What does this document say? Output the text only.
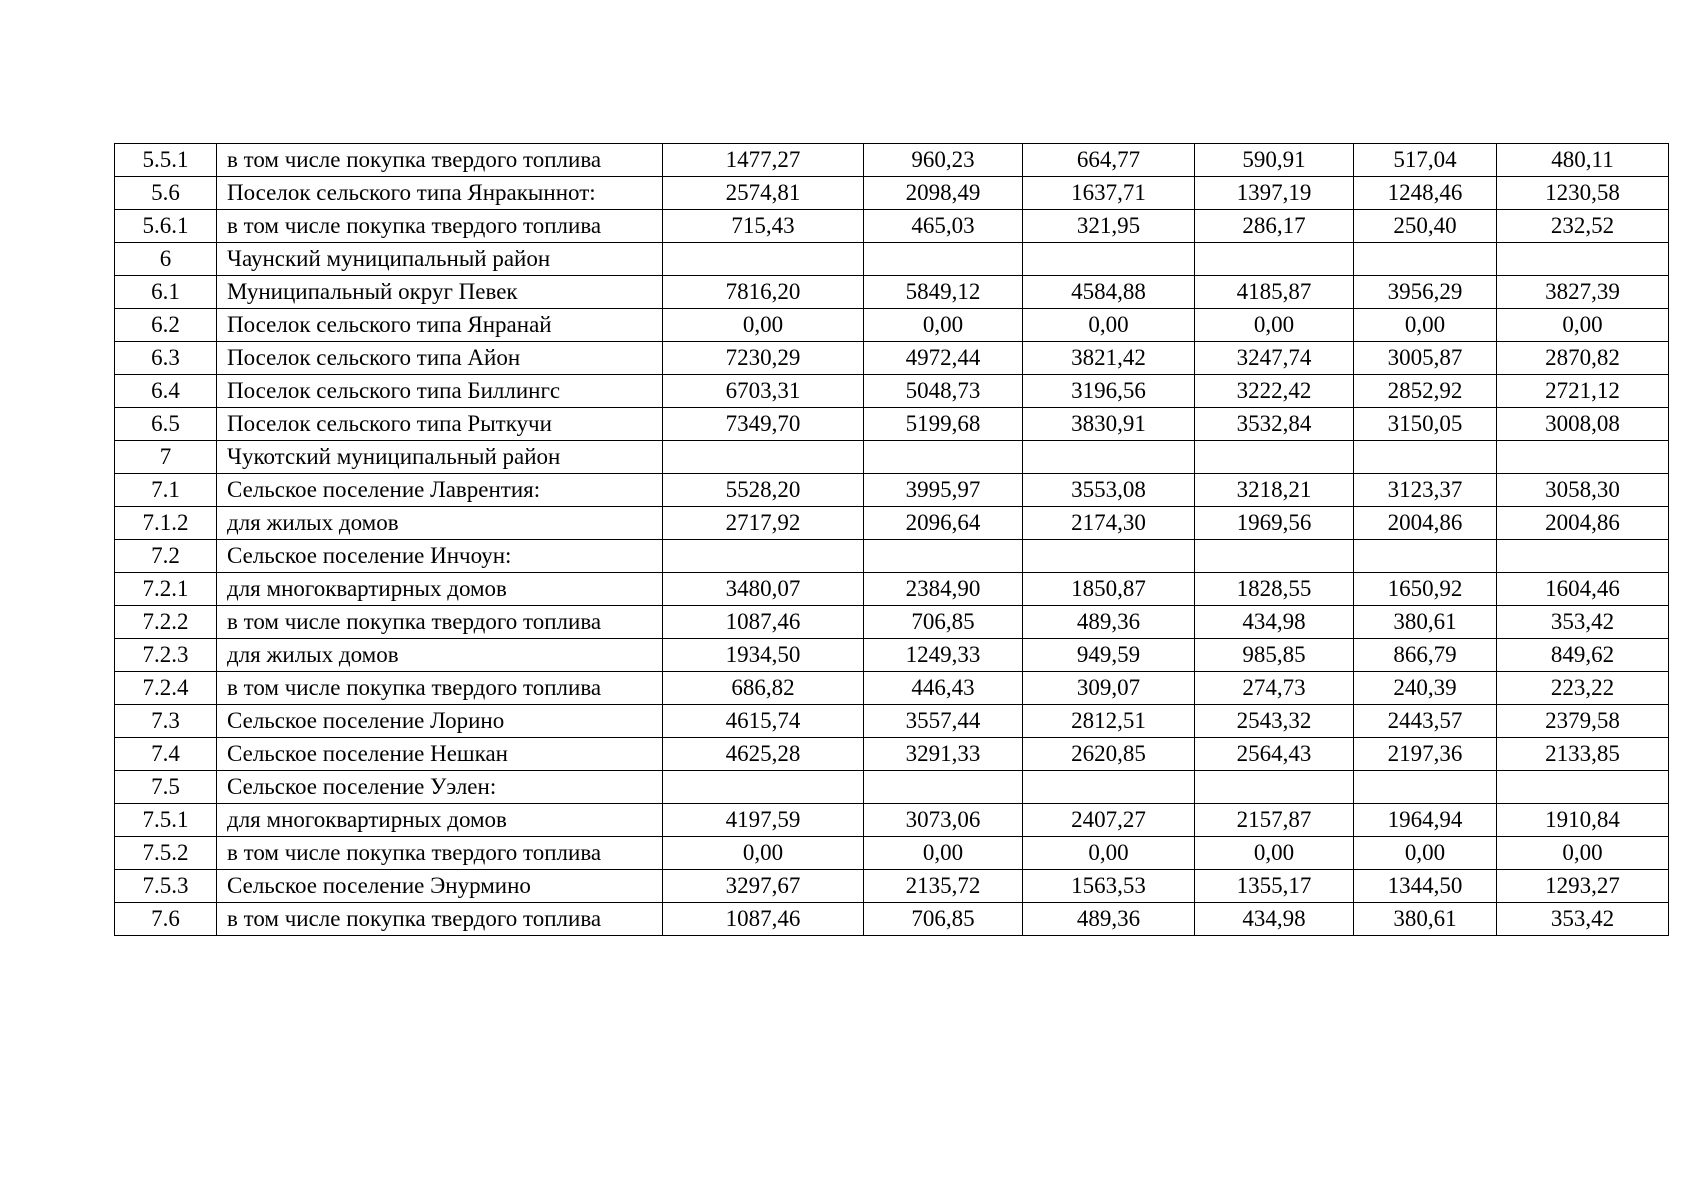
5.5.1	в том числе покупка твердого топлива	1477,27	960,23	664,77	590,91	517,04	480,11
5.6	Поселок сельского типа Янракыннот:	2574,81	2098,49	1637,71	1397,19	1248,46	1230,58
5.6.1	в том числе покупка твердого топлива	715,43	465,03	321,95	286,17	250,40	232,52
6	Чаунский муниципальный район						
6.1	Муниципальный округ Певек	7816,20	5849,12	4584,88	4185,87	3956,29	3827,39
6.2	Поселок сельского типа Янранай	0,00	0,00	0,00	0,00	0,00	0,00
6.3	Поселок сельского типа Айон	7230,29	4972,44	3821,42	3247,74	3005,87	2870,82
6.4	Поселок сельского типа Биллингс	6703,31	5048,73	3196,56	3222,42	2852,92	2721,12
6.5	Поселок сельского типа Рыткучи	7349,70	5199,68	3830,91	3532,84	3150,05	3008,08
7	Чукотский муниципальный район						
7.1	Сельское поселение Лаврентия:	5528,20	3995,97	3553,08	3218,21	3123,37	3058,30
7.1.2	для жилых домов	2717,92	2096,64	2174,30	1969,56	2004,86	2004,86
7.2	Сельское поселение Инчоун:						
7.2.1	для многоквартирных домов	3480,07	2384,90	1850,87	1828,55	1650,92	1604,46
7.2.2	в том числе покупка твердого топлива	1087,46	706,85	489,36	434,98	380,61	353,42
7.2.3	для жилых домов	1934,50	1249,33	949,59	985,85	866,79	849,62
7.2.4	в том числе покупка твердого топлива	686,82	446,43	309,07	274,73	240,39	223,22
7.3	Сельское поселение Лорино	4615,74	3557,44	2812,51	2543,32	2443,57	2379,58
7.4	Сельское поселение Нешкан	4625,28	3291,33	2620,85	2564,43	2197,36	2133,85
7.5	Сельское поселение Уэлен:						
7.5.1	для многоквартирных домов	4197,59	3073,06	2407,27	2157,87	1964,94	1910,84
7.5.2	в том числе покупка твердого топлива	0,00	0,00	0,00	0,00	0,00	0,00
7.5.3	Сельское поселение Энурмино	3297,67	2135,72	1563,53	1355,17	1344,50	1293,27
7.6	в том числе покупка твердого топлива	1087,46	706,85	489,36	434,98	380,61	353,42
